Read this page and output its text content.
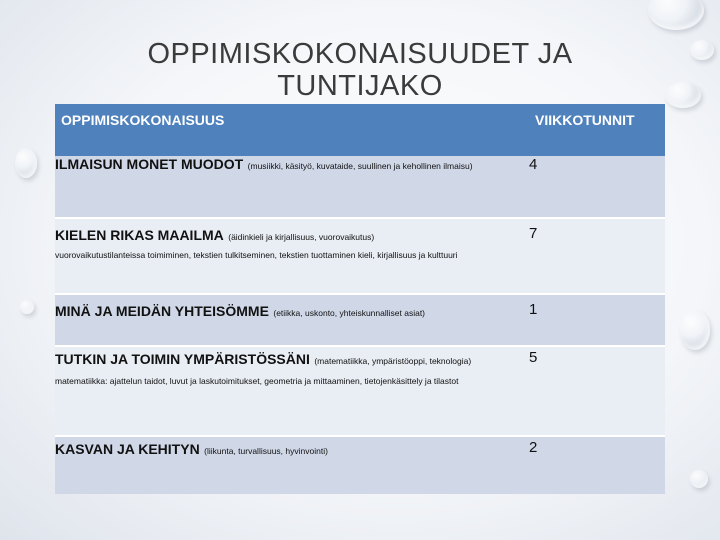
OPPIMISKOKONAISUUDET JA
TUNTIJAKO
OPPIMISKOKONAISUUS	VIIKKOTUNNIT

ILMAISUN MONET MUODOT (musiikki, käsityö, kuvataide, suullinen ja kehollinen ilmaisu)	4

KIELEN RIKAS MAAILMA (äidinkieli ja kirjallisuus, vuorovaikutus)
vuorovaikutustilanteissa toimiminen, tekstien tulkitseminen, tekstien tuottaminen kieli, kirjallisuus ja kulttuuri	7

MINÄ JA MEIDÄN YHTEISÖMME (etiikka, uskonto, yhteiskunnalliset asiat)	1

TUTKIN JA TOIMIN YMPÄRISTÖSSÄNI (matematiikka, ympäristöoppi, teknologia)
matematiikka: ajattelun taidot, luvut ja laskutoimitukset, geometria ja mittaaminen, tietojenkäsittely ja tilastot	5

KASVAN JA KEHITYN (liikunta, turvallisuus, hyvinvointi)	2
